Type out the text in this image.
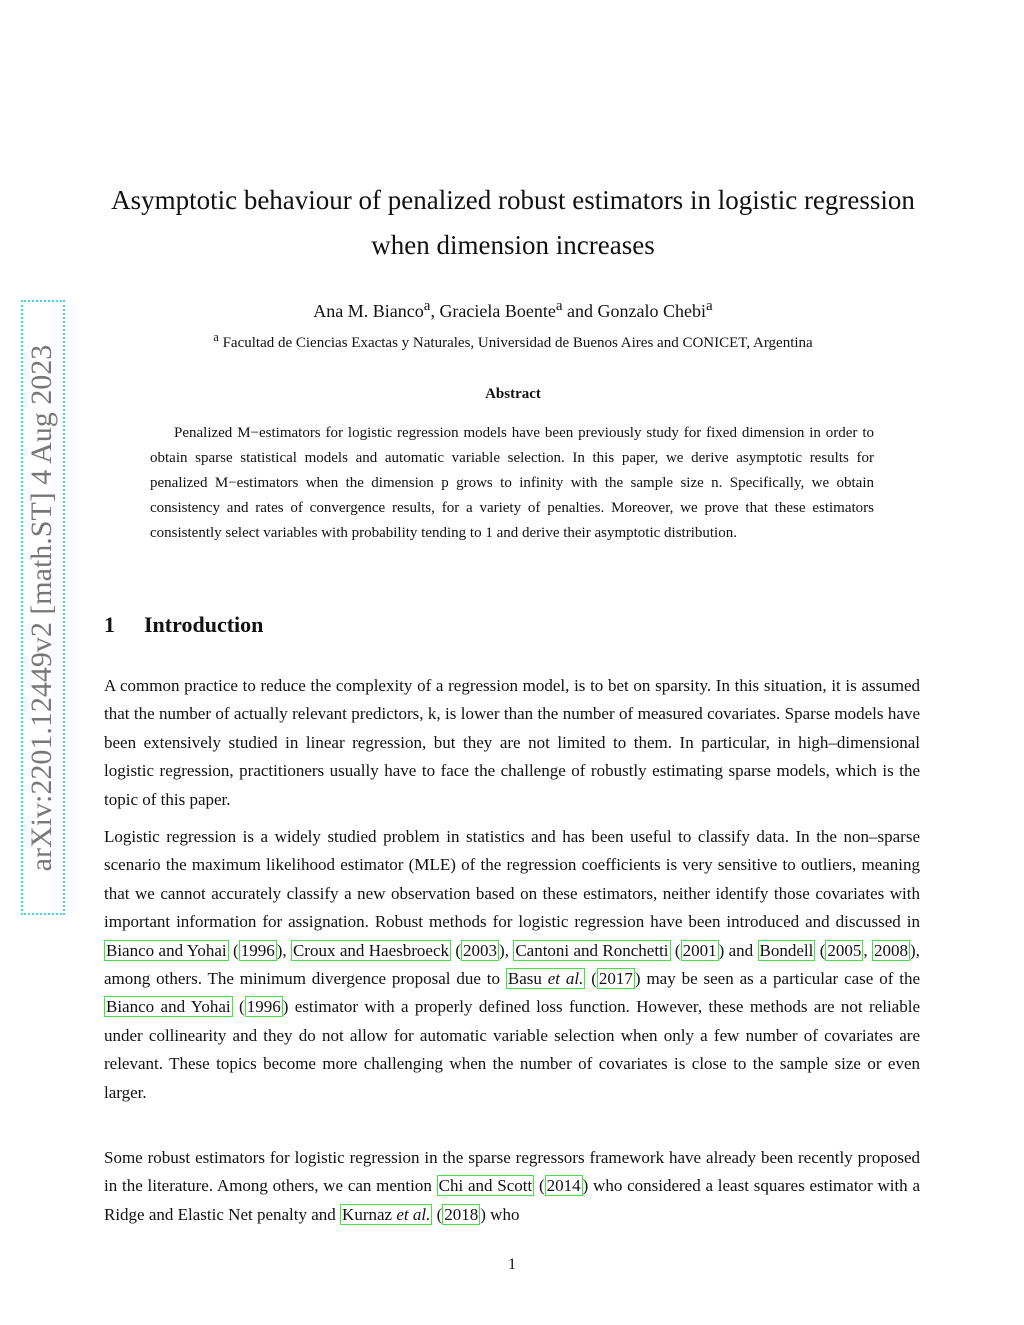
arXiv:2201.12449v2 [math.ST] 4 Aug 2023
Asymptotic behaviour of penalized robust estimators in logistic regression when dimension increases
Ana M. Bianco$^a$, Graciela Boente$^a$ and Gonzalo Chebi$^a$
$^a$ Facultad de Ciencias Exactas y Naturales, Universidad de Buenos Aires and CONICET, Argentina
Abstract

Penalized M−estimators for logistic regression models have been previously study for fixed dimension in order to obtain sparse statistical models and automatic variable selection. In this paper, we derive asymptotic results for penalized M−estimators when the dimension p grows to infinity with the sample size n. Specifically, we obtain consistency and rates of convergence results, for a variety of penalties. Moreover, we prove that these estimators consistently select variables with probability tending to 1 and derive their asymptotic distribution.

1 Introduction

A common practice to reduce the complexity of a regression model, is to bet on sparsity. In this situation, it is assumed that the number of actually relevant predictors, k, is lower than the number of measured covariates. Sparse models have been extensively studied in linear regression, but they are not limited to them. In particular, in high–dimensional logistic regression, practitioners usually have to face the challenge of robustly estimating sparse models, which is the topic of this paper.

Logistic regression is a widely studied problem in statistics and has been useful to classify data. In the non–sparse scenario the maximum likelihood estimator (MLE) of the regression coefficients is very sensitive to outliers, meaning that we cannot accurately classify a new observation based on these estimators, neither identify those covariates with important information for assignation. Robust methods for logistic regression have been introduced and discussed in Bianco and Yohai ( 1996 ), Croux and Haesbroeck ( 2003 ), Cantoni and Ronchetti ( 2001 ) and Bondell ( 2005 , 2008 ), among others. The minimum divergence proposal due to Basu et al. ( 2017 ) may be seen as a particular case of the Bianco and Yohai ( 1996 ) estimator with a properly defined loss function. However, these methods are not reliable under collinearity and they do not allow for automatic variable selection when only a few number of covariates are relevant. These topics become more challenging when the number of covariates is close to the sample size or even larger.

Some robust estimators for logistic regression in the sparse regressors framework have already been recently proposed in the literature. Among others, we can mention Chi and Scott ( 2014 ) who considered a least squares estimator with a Ridge and Elastic Net penalty and Kurnaz et al. ( 2018 ) who

1
